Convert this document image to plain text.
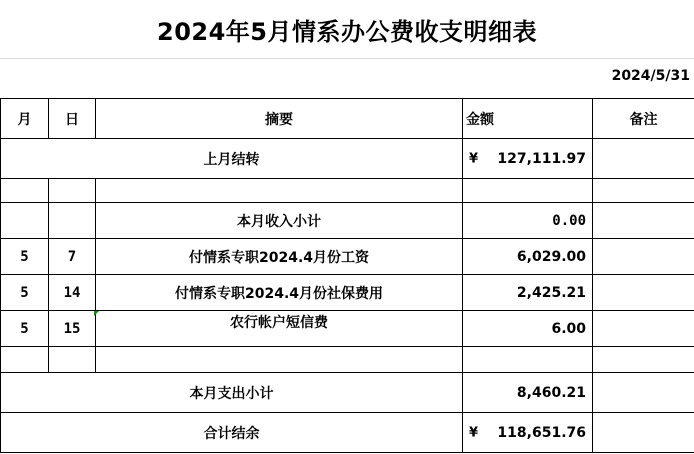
2024年5月情系办公费收支明细表
2024/5/31
月	日	摘要	金额	备注
上月结转			¥ 127,111.97	

		本月收入小计	0.00	
5	7	付情系专职2024.4月份工资	6,029.00	
5	14	付情系专职2024.4月份社保费用	2,425.21	
5	15	农行帐户短信费	6.00	

本月支出小计			8,460.21	
合计结余			¥ 118,651.76	
